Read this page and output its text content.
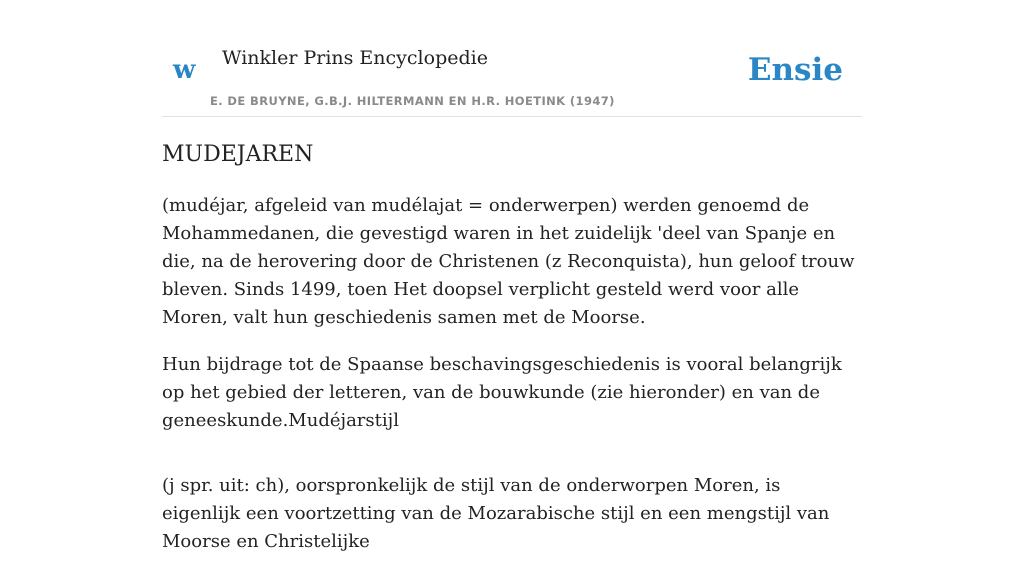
w Winkler Prins Encyclopedie
E. DE BRUYNE, G.B.J. HILTERMANN EN H.R. HOETINK (1947)
Ensie
MUDEJAREN

(mudéjar, afgeleid van mudélajat = onderwerpen) werden genoemd de Mohammedanen, die gevestigd waren in het zuidelijk 'deel van Spanje en die, na de herovering door de Christenen (z Reconquista), hun geloof trouw bleven. Sinds 1499, toen Het doopsel verplicht gesteld werd voor alle Moren, valt hun geschiedenis samen met de Moorse.

Hun bijdrage tot de Spaanse beschavingsgeschiedenis is vooral belangrijk op het gebied der letteren, van de bouwkunde (zie hieronder) en van de geneeskunde.Mudéjarstijl

(j spr. uit: ch), oorspronkelijk de stijl van de onderworpen Moren, is eigenlijk een voortzetting van de Mozarabische stijl en een mengstijl van Moorse en Christelijke
